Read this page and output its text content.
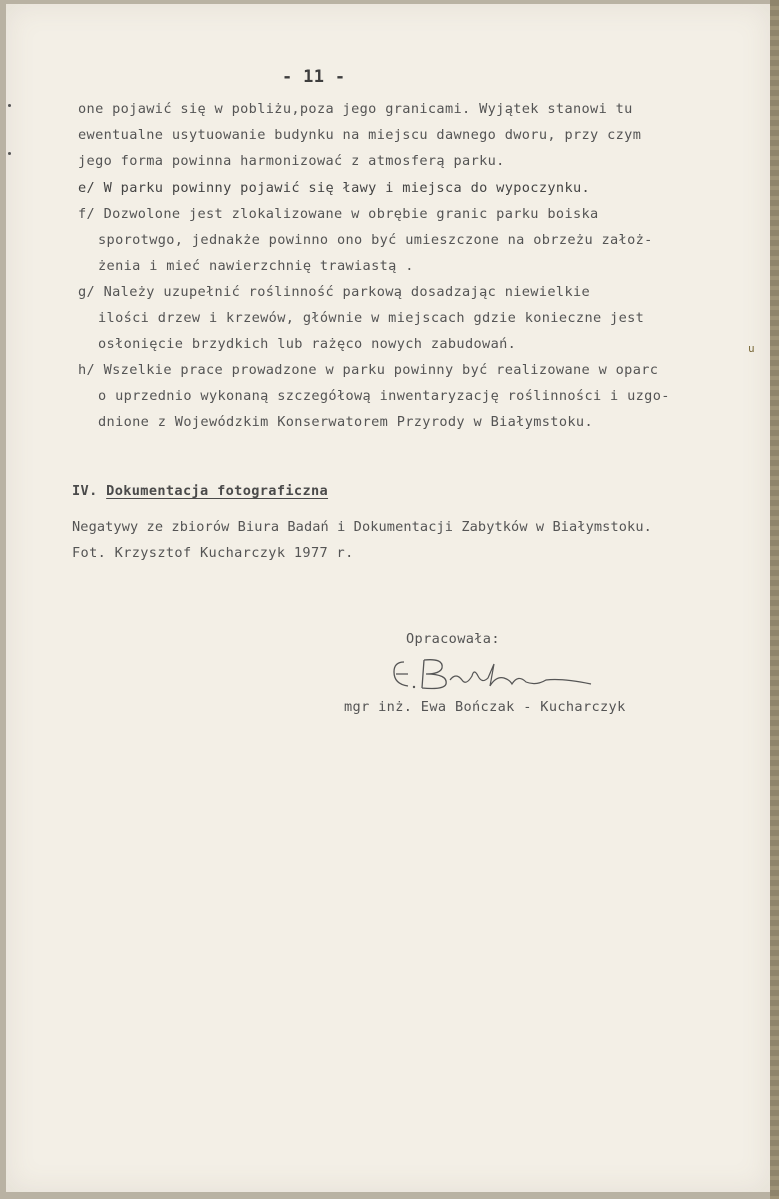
- 11 -
one pojawić się w pobliżu,poza jego granicami. Wyjątek stanowi tu
ewentualne usytuowanie budynku na miejscu dawnego dworu, przy czym
jego forma powinna harmonizować z atmosferą parku.
e/ W parku powinny pojawić się ławy i miejsca do wypoczynku.
f/ Dozwolone jest zlokalizowane w obrębie granic parku boiska
sporotwgo, jednakże powinno ono być umieszczone na obrzeżu założ-
żenia i mieć nawierzchnię trawiastą .
g/ Należy uzupełnić roślinność parkową dosadzając niewielkie
ilości drzew i krzewów, głównie w miejscach gdzie konieczne jest
osłonięcie brzydkich lub rażęco nowych zabudowań.
h/ Wszelkie prace prowadzone w parku powinny być realizowane w oparc
o uprzednio wykonaną szczegółową inwentaryzację roślinności i uzgo-
dnione z Wojewódzkim Konserwatorem Przyrody w Białymstoku.
u
IV. Dokumentacja fotograficzna
Negatywy ze zbiorów Biura Badań i Dokumentacji Zabytków w Białymstoku.
Fot. Krzysztof Kucharczyk 1977 r.
Opracowała:
mgr inż. Ewa Bończak - Kucharczyk
